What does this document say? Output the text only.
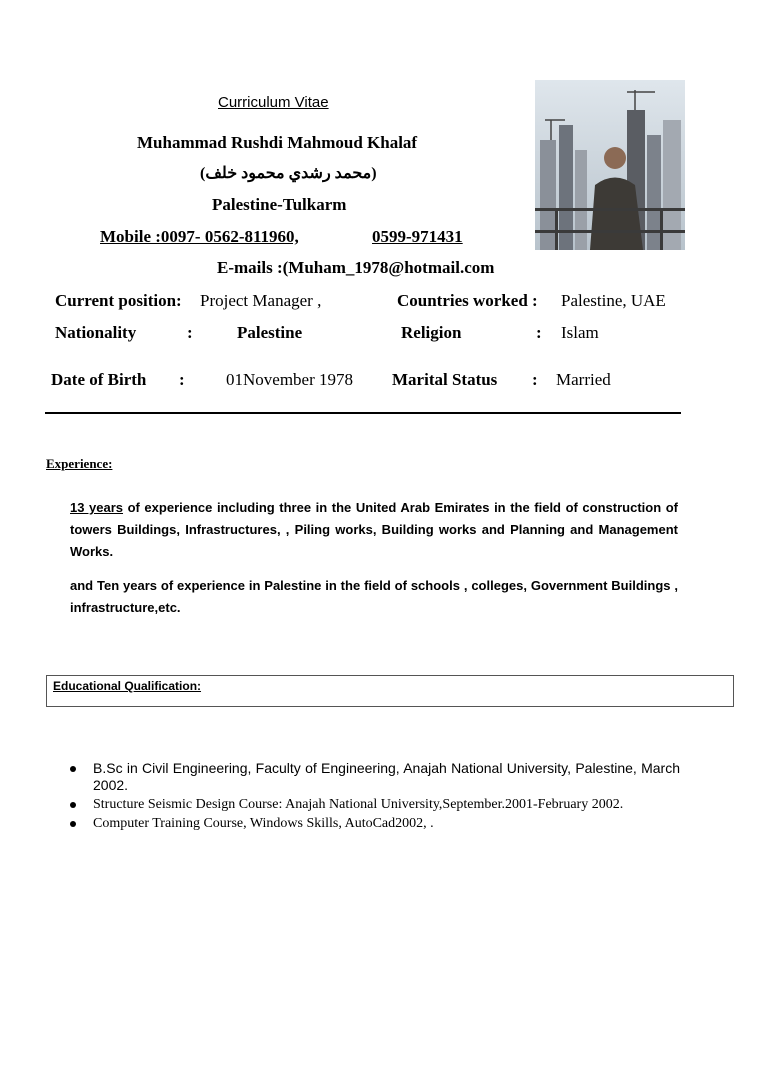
Curriculum Vitae
Muhammad Rushdi Mahmoud Khalaf
(محمد رشدي محمود خلف)
Palestine-Tulkarm
Mobile :0097- 0562-811960,	0599-971431
E-mails :(Muham_1978@hotmail.com
Current position: Project Manager ,	Countries worked : Palestine, UAE
Nationality	:	Palestine	Religion	: Islam
Date of Birth : 01November 1978 Marital Status : Married
Experience:
13 years of experience including three in the United Arab Emirates in the field of construction of towers Buildings, Infrastructures, , Piling works, Building works and Planning and Management Works.
and Ten years of experience in Palestine in the field of schools , colleges, Government Buildings , infrastructure,etc.
Educational Qualification:
B.Sc in Civil Engineering, Faculty of Engineering, Anajah National University, Palestine, March 2002.
Structure Seismic Design Course: Anajah National University,September.2001-February 2002.
Computer Training Course, Windows Skills, AutoCad2002, .
